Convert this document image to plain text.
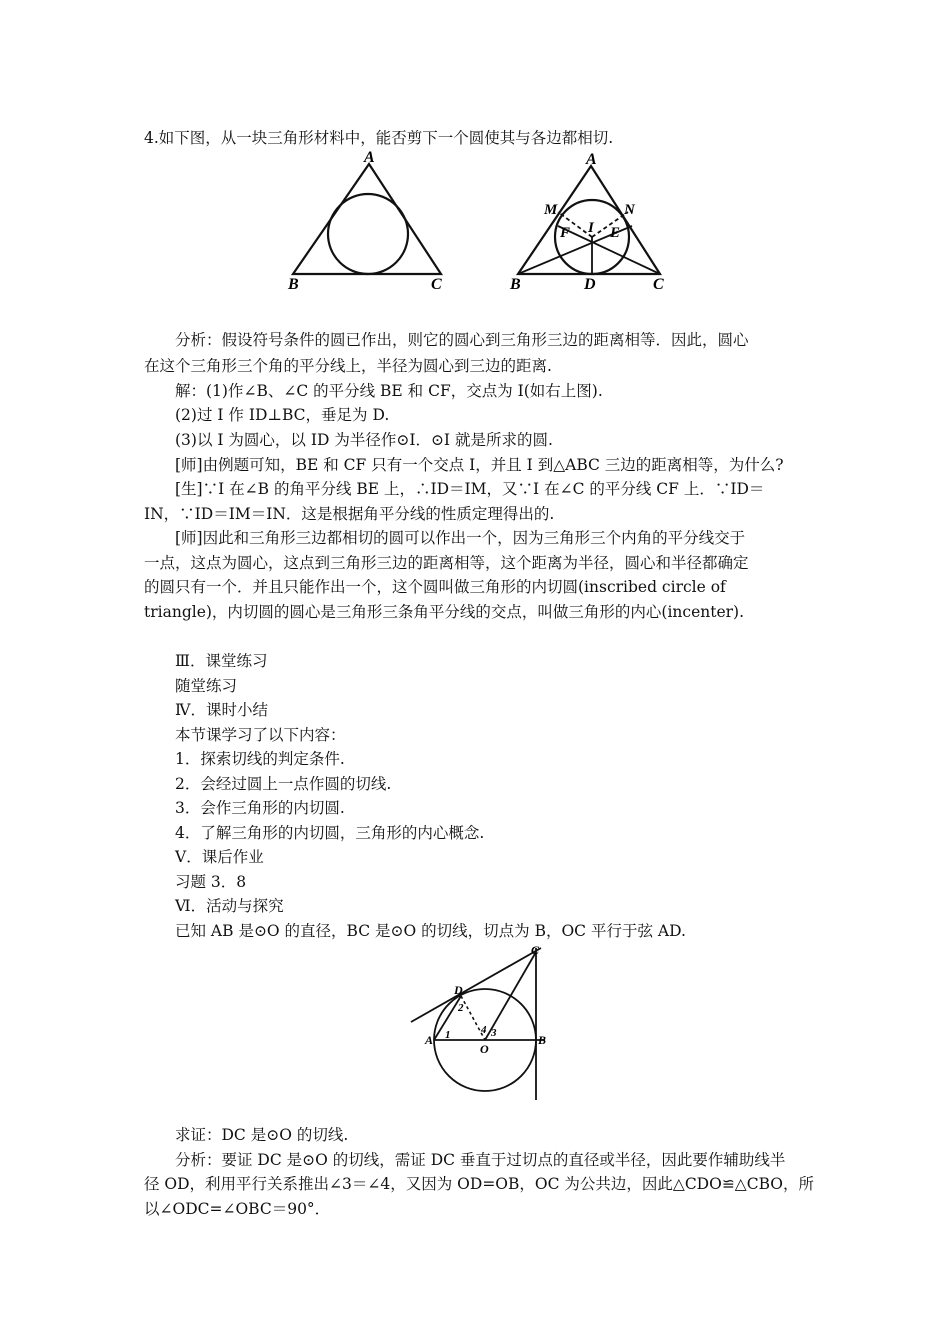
4.如下图，从一块三角形材料中，能否剪下一个圆使其与各边都相切.
A
B	C
A
M	N
F I E
B	D	C
分析：假设符号条件的圆已作出，则它的圆心到三角形三边的距离相等．因此，圆心
在这个三角形三个角的平分线上，半径为圆心到三边的距离.
解：(1)作∠B、∠C 的平分线 BE 和 CF，交点为 I(如右上图).
(2)过 I 作 ID⊥BC，垂足为 D.
(3)以 I 为圆心，以 ID 为半径作⊙I．⊙I 就是所求的圆.
[师]由例题可知，BE 和 CF 只有一个交点 I，并且 I 到△ABC 三边的距离相等，为什么?
[生]∵I 在∠B 的角平分线 BE 上，∴ID＝IM，又∵I 在∠C 的平分线 CF 上．∵ID＝
IN，∵ID＝IM＝IN．这是根据角平分线的性质定理得出的.
[师]因此和三角形三边都相切的圆可以作出一个，因为三角形三个内角的平分线交于
一点，这点为圆心，这点到三角形三边的距离相等，这个距离为半径，圆心和半径都确定
的圆只有一个．并且只能作出一个，这个圆叫做三角形的内切圆(inscribed circle of
triangle)，内切圆的圆心是三角形三条角平分线的交点，叫做三角形的内心(incenter).
Ⅲ．课堂练习
随堂练习
Ⅳ．课时小结
本节课学习了以下内容：
1．探索切线的判定条件.
2．会经过圆上一点作圆的切线.
3．会作三角形的内切圆.
4．了解三角形的内切圆，三角形的内心概念.
Ⅴ．课后作业
习题 3．8
Ⅵ．活动与探究
已知 AB 是⊙O 的直径，BC 是⊙O 的切线，切点为 B，OC 平行于弦 AD.
C
D
2
4
1	3
A
O
B
求证：DC 是⊙O 的切线.
分析：要证 DC 是⊙O 的切线，需证 DC 垂直于过切点的直径或半径，因此要作辅助线半
径 OD，利用平行关系推出∠3＝∠4，又因为 OD=OB，OC 为公共边，因此△CDO≌△CBO，所
以∠ODC=∠OBC＝90°．
